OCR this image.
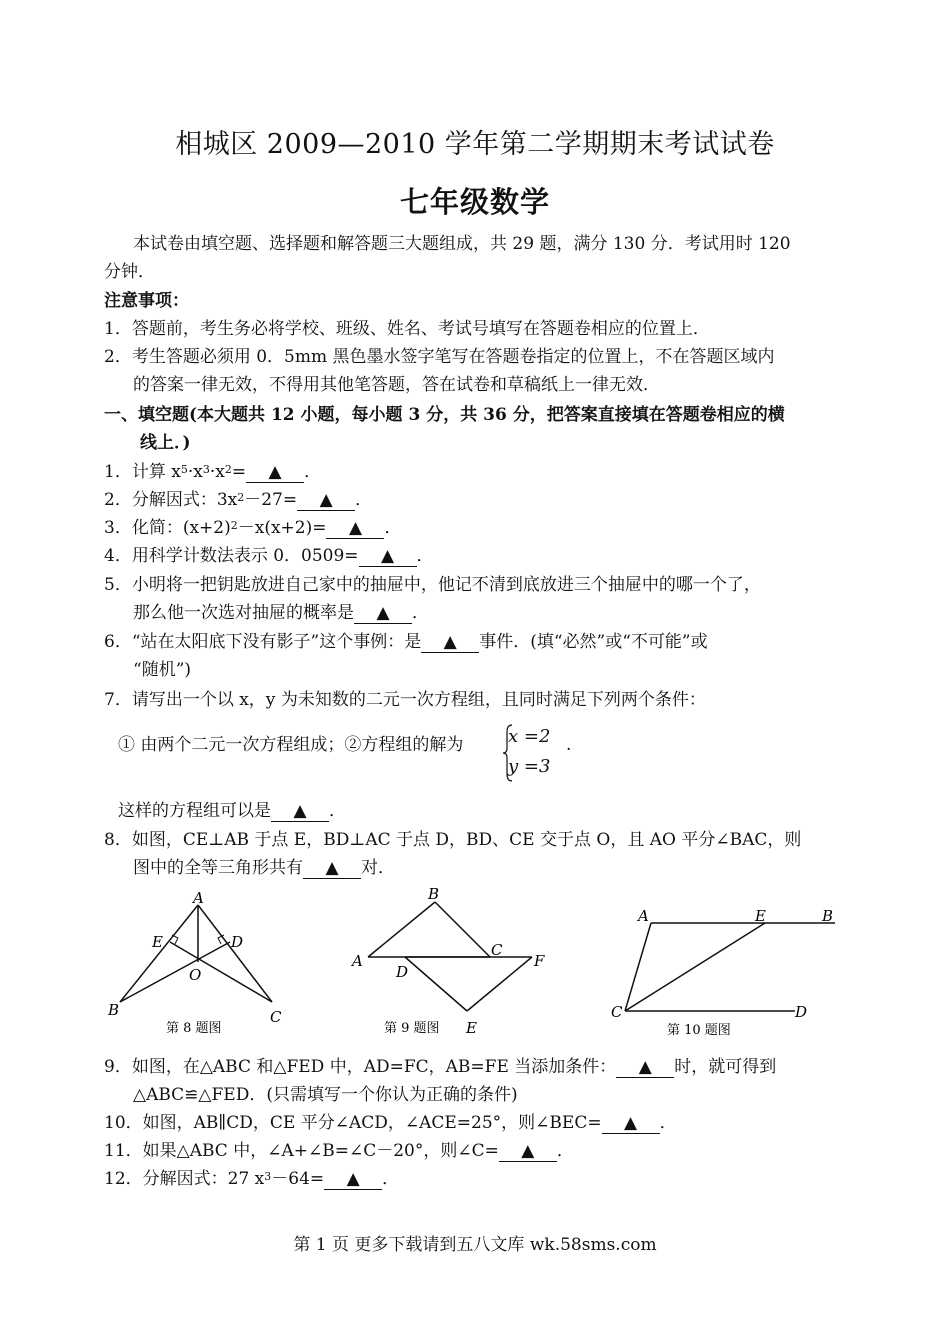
相城区 2009—2010 学年第二学期期末考试试卷
七年级数学
本试卷由填空题、选择题和解答题三大题组成，共 29 题，满分 130 分．考试用时 120
分钟．
注意事项：
1．答题前，考生务必将学校、班级、姓名、考试号填写在答题卷相应的位置上．
2．考生答题必须用 0．5mm 黑色墨水签字笔写在答题卷指定的位置上，不在答题区域内
的答案一律无效，不得用其他笔答题，答在试卷和草稿纸上一律无效．
一、填空题(本大题共 12 小题，每小题 3 分，共 36 分，把答案直接填在答题卷相应的横
线上．)
1．计算 $x^5\cdot x^3\cdot x^2=$ ▲ ．
2．分解因式：$3x^2-27=$ ▲ ．
3．化简：$(x+2)^2-x(x+2)=$ ▲ ．
4．用科学计数法表示 0．0509= ▲ ．
5．小明将一把钥匙放进自己家中的抽屉中，他记不清到底放进三个抽屉中的哪一个了，
那么他一次选对抽屉的概率是 ▲ ．
6．“站在太阳底下没有影子”这个事例：是 ▲ 事件．(填“必然”或“不可能”或
“随机”)
7．请写出一个以 x，y 为未知数的二元一次方程组，且同时满足下列两个条件：
① 由两个二元一次方程组成；②方程组的解为	x =2
y =3
.
这样的方程组可以是 ▲ ．
8．如图，CE⊥AB 于点 E，BD⊥AC 于点 D，BD、CE 交于点 O，且 AO 平分∠BAC，则
图中的全等三角形共有 ▲ 对．
A
E	D
O
B	C
第 8 题图
B
A
D
C
F
E
第 9 题图
A	E	B
C	D
第 10 题图
9．如图，在△ABC 和△FED 中，AD=FC，AB=FE 当添加条件： ▲ 时，就可得到
△ABC≌△FED．(只需填写一个你认为正确的条件)
10．如图，AB∥CD，CE 平分∠ACD，∠ACE=25°，则∠BEC= ▲ ．
11．如果△ABC 中，∠A+∠B=∠C－20°，则∠C= ▲ ．
12．分解因式：27 $x^3-64=$ ▲ ．
第 1 页 更多下载请到五八文库 wk.58sms.com
